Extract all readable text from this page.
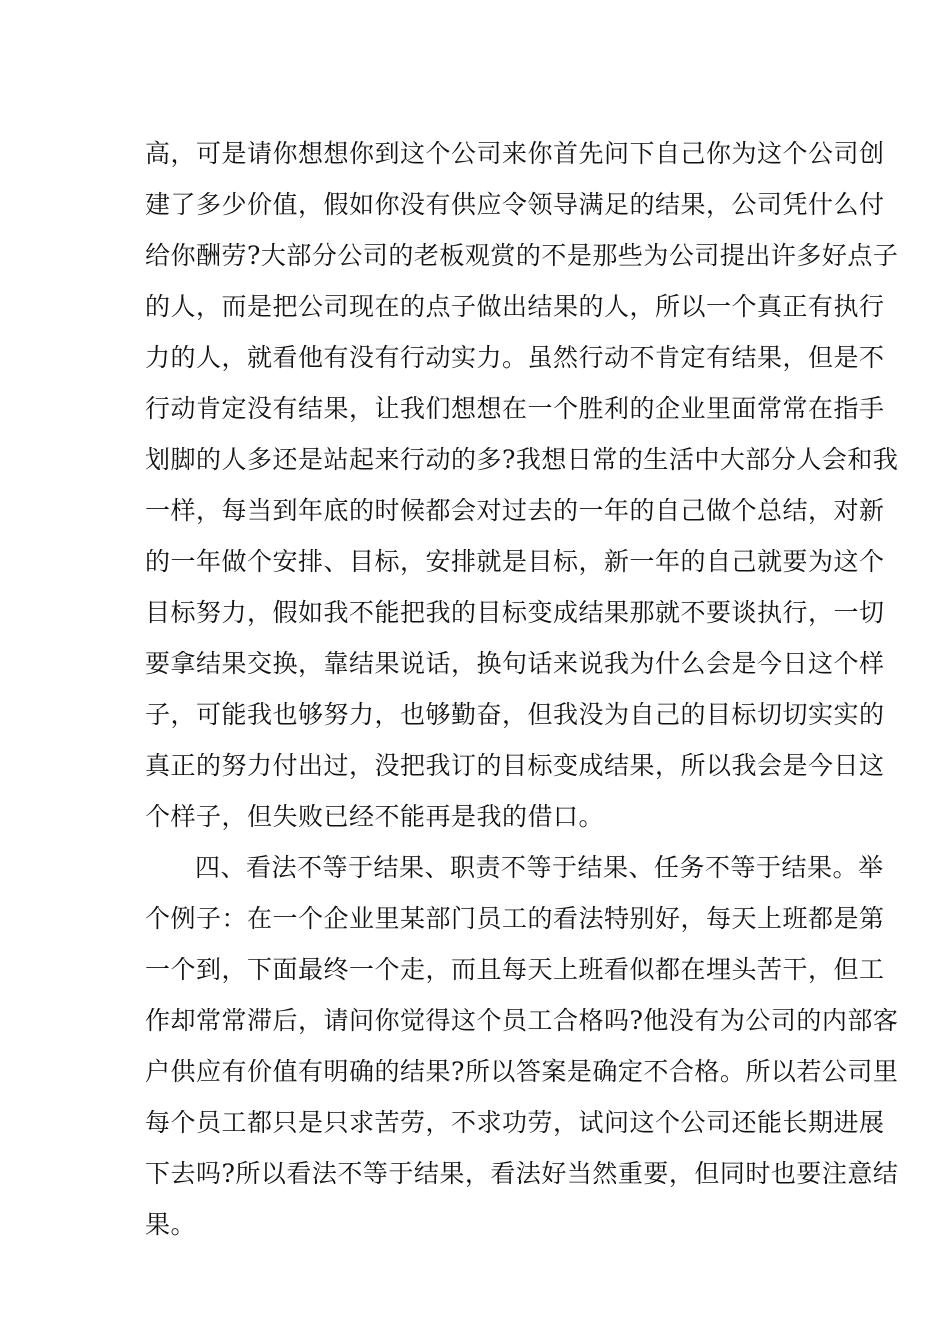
高，可是请你想想你到这个公司来你首先问下自己你为这个公司创
建了多少价值，假如你没有供应令领导满足的结果，公司凭什么付
给你酬劳?大部分公司的老板观赏的不是那些为公司提出许多好点子
的人，而是把公司现在的点子做出结果的人，所以一个真正有执行
力的人，就看他有没有行动实力。虽然行动不肯定有结果，但是不
行动肯定没有结果，让我们想想在一个胜利的企业里面常常在指手
划脚的人多还是站起来行动的多?我想日常的生活中大部分人会和我
一样，每当到年底的时候都会对过去的一年的自己做个总结，对新
的一年做个安排、目标，安排就是目标，新一年的自己就要为这个
目标努力，假如我不能把我的目标变成结果那就不要谈执行，一切
要拿结果交换，靠结果说话，换句话来说我为什么会是今日这个样
子，可能我也够努力，也够勤奋，但我没为自己的目标切切实实的
真正的努力付出过，没把我订的目标变成结果，所以我会是今日这
个样子，但失败已经不能再是我的借口。
四、看法不等于结果、职责不等于结果、任务不等于结果。举
个例子：在一个企业里某部门员工的看法特别好，每天上班都是第
一个到，下面最终一个走，而且每天上班看似都在埋头苦干，但工
作却常常滞后，请问你觉得这个员工合格吗?他没有为公司的内部客
户供应有价值有明确的结果?所以答案是确定不合格。所以若公司里
每个员工都只是只求苦劳，不求功劳，试问这个公司还能长期进展
下去吗?所以看法不等于结果，看法好当然重要，但同时也要注意结
果。
